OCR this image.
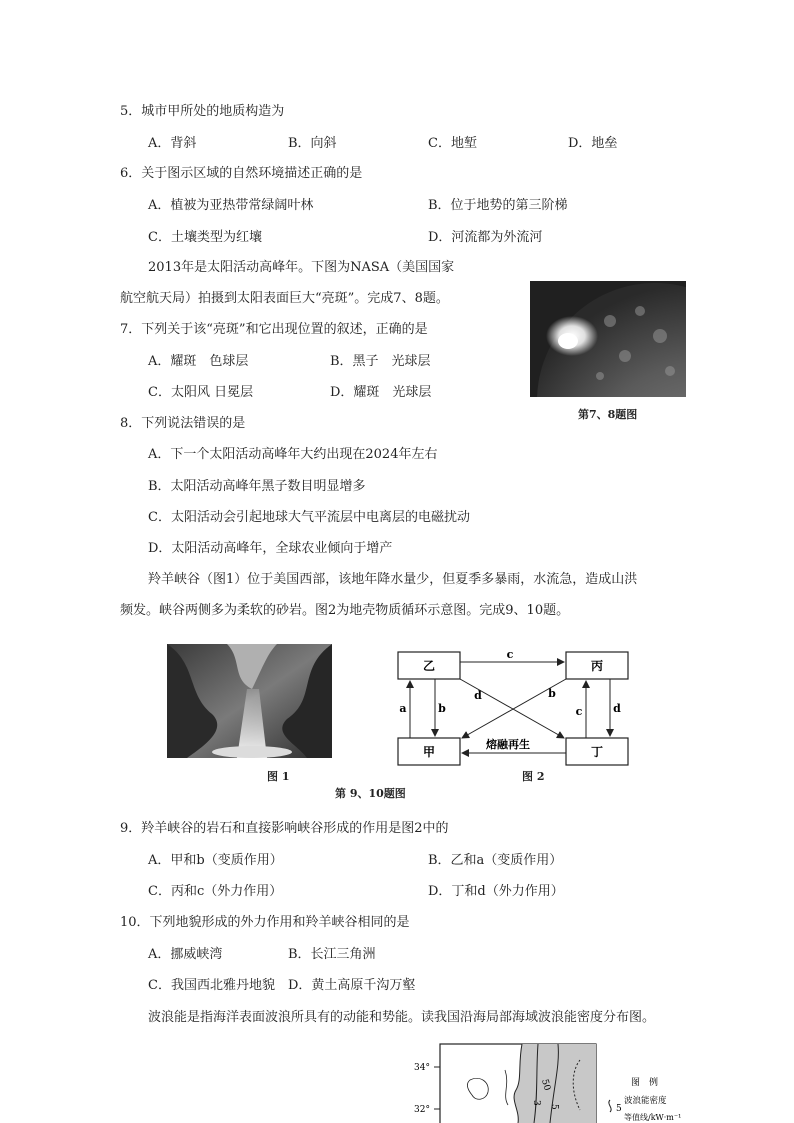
5．城市甲所处的地质构造为
A．背斜	B．向斜	C．地堑	D．地垒
6．关于图示区域的自然环境描述正确的是
A．植被为亚热带常绿阔叶林	B．位于地势的第三阶梯
C．土壤类型为红壤	D．河流都为外流河
2013年是太阳活动高峰年。下图为NASA（美国国家
航空航天局）拍摄到太阳表面巨大“亮斑”。完成7、8题。
第7、8题图
7．下列关于该“亮斑”和它出现位置的叙述，正确的是
A．耀斑　色球层	B．黑子　光球层
C．太阳风 日冕层	D．耀斑　光球层
8．下列说法错误的是
A．下一个太阳活动高峰年大约出现在2024年左右
B．太阳活动高峰年黑子数目明显增多
C．太阳活动会引起地球大气平流层中电离层的电磁扰动
D．太阳活动高峰年，全球农业倾向于增产
羚羊峡谷（图1）位于美国西部，该地年降水量少，但夏季多暴雨，水流急，造成山洪
频发。峡谷两侧多为柔软的砂岩。图2为地壳物质循环示意图。完成9、10题。
图 1
乙	丙
甲	丁
c
a	b	c	d
d	b
熔融再生
图 2
第 9、10题图
9．羚羊峡谷的岩石和直接影响峡谷形成的作用是图2中的
A．甲和b（变质作用）	B．乙和a（变质作用）
C．丙和c（外力作用）	D．丁和d（外力作用）
10．下列地貌形成的外力作用和羚羊峡谷相同的是
A．挪威峡湾	B．长江三角洲
C．我国西北雅丹地貌 D．黄土高原千沟万壑
波浪能是指海洋表面波浪所具有的动能和势能。读我国沿海局部海域波浪能密度分布图。
34°
32°
50
3
5
图　例
5
波浪能密度
等值线/kW·m⁻¹
